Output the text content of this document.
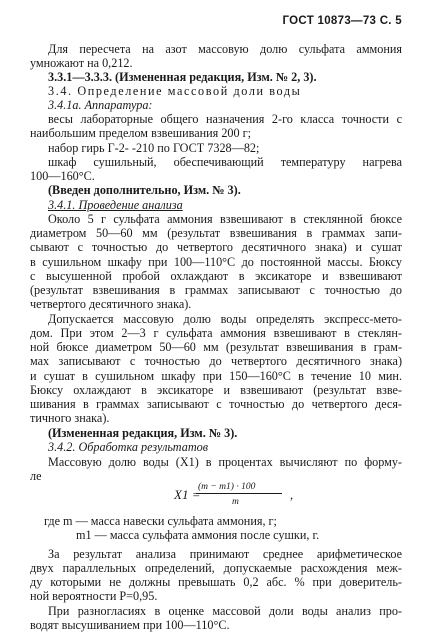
ГОСТ 10873—73 С. 5
Для пересчета на азот массовую долю сульфата аммония
умножают на 0,212.
3.3.1—3.3.3. (Измененная редакция, Изм. № 2, 3).
3.4. Определение массовой доли воды
3.4.1а. Аппаратура:
весы лабораторные общего назначения 2-го класса точности с
наибольшим пределом взвешивания 200 г;
набор гирь Г-2- -210 по ГОСТ 7328—82;
шкаф сушильный, обеспечивающий температуру нагрева
100—160°С.
(Введен дополнительно, Изм. № 3).
3.4.1. Проведение анализа
Около 5 г сульфата аммония взвешивают в стеклянной бюксе
диаметром 50—60 мм (результат взвешивания в граммах запи-
сывают с точностью до четвертого десятичного знака) и сушат
в сушильном шкафу при 100—110°С до постоянной массы. Бюксу
с высушенной пробой охлаждают в эксикаторе и взвешивают
(результат взвешивания в граммах записывают с точностью до
четвертого десятичного знака).
Допускается массовую долю воды определять экспресс-мето-
дом. При этом 2—3 г сульфата аммония взвешивают в стеклян-
ной бюксе диаметром 50—60 мм (результат взвешивания в грам-
мах записывают с точностью до четвертого десятичного знака)
и сушат в сушильном шкафу при 150—160°С в течение 10 мин.
Бюксу охлаждают в эксикаторе и взвешивают (результат взве-
шивания в граммах записывают с точностью до четвертого деся-
тичного знака).
(Измененная редакция, Изм. № 3).
3.4.2. Обработка результатов
Массовую долю воды (X1) в процентах вычисляют по форму-
ле
X1 =
(m − m1) · 100
m	,
где m — масса навески сульфата аммония, г;
m1 — масса сульфата аммония после сушки, г.
За результат анализа принимают среднее арифметическое
двух параллельных определений, допускаемые расхождения меж-
ду которыми не должны превышать 0,2 абс. % при доверитель-
ной вероятности P=0,95.
При разногласиях в оценке массовой доли воды анализ про-
водят высушиванием при 100—110°С.
